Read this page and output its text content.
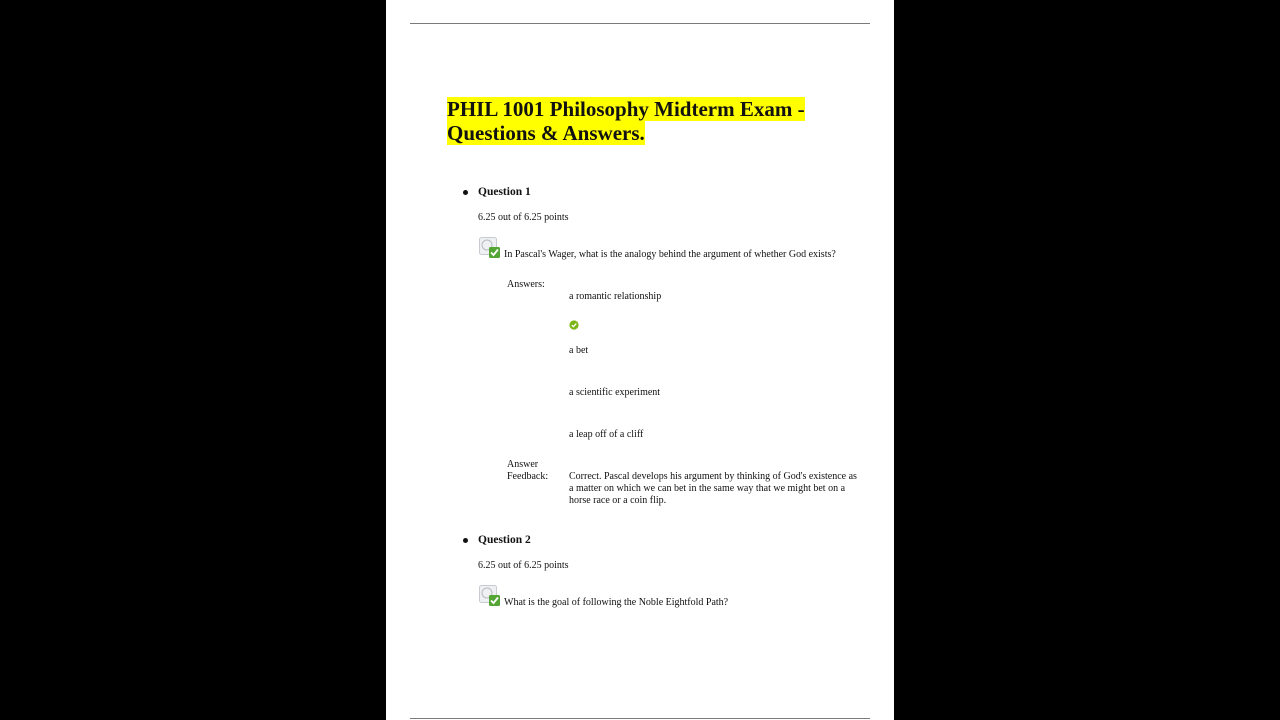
PHIL 1001 Philosophy Midterm Exam -
Questions & Answers.
Question 1
6.25 out of 6.25 points
In Pascal's Wager, what is the analogy behind the argument of whether God exists?
Answers:
a romantic relationship
a bet
a scientific experiment
a leap off of a cliff
Answer
Feedback: Correct. Pascal develops his argument by thinking of God's existence as
a matter on which we can bet in the same way that we might bet on a
horse race or a coin flip.
Question 2
6.25 out of 6.25 points
What is the goal of following the Noble Eightfold Path?
